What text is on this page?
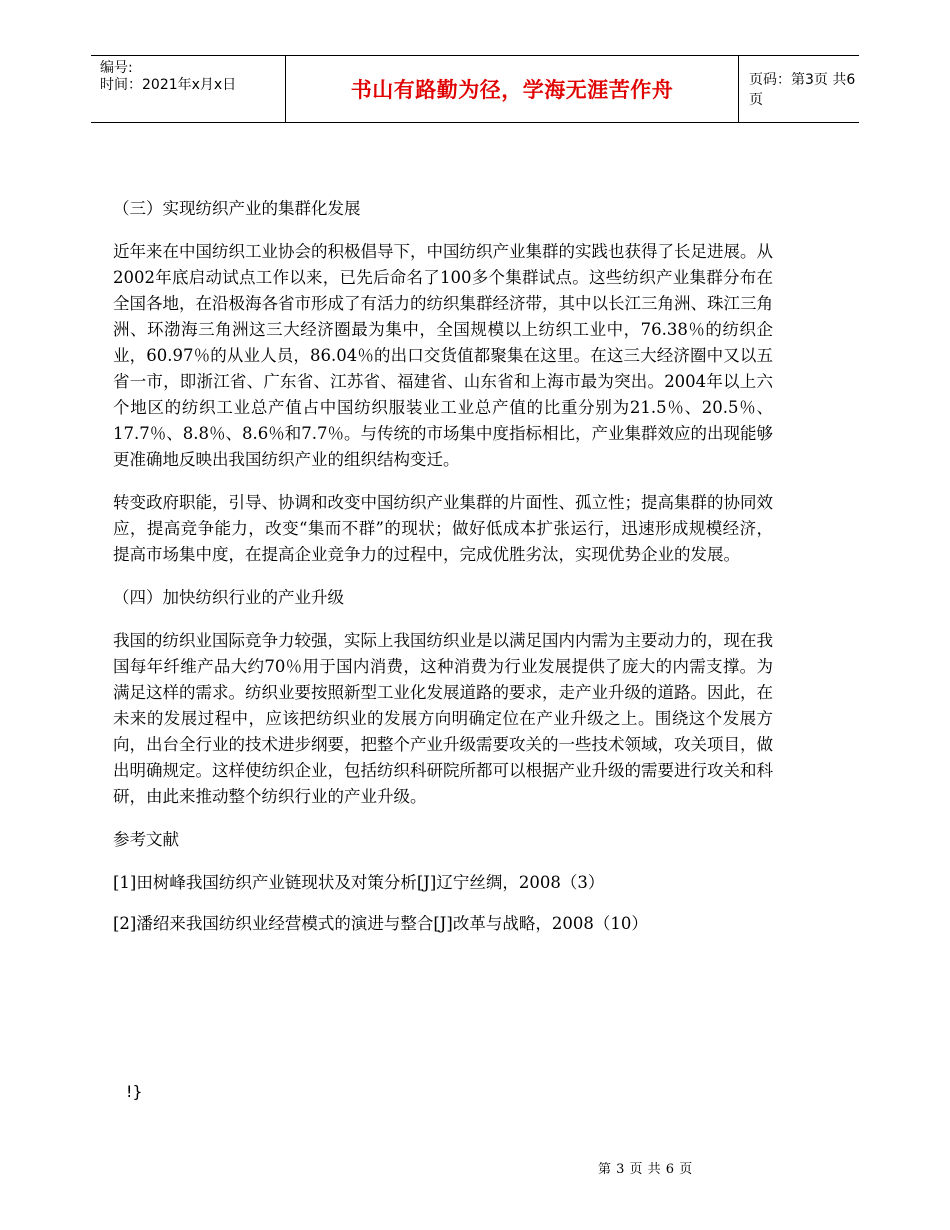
编号:
时间：2021年x月x日	书山有路勤为径，学海无涯苦作舟	页码：第3页 共6页

（三）实现纺织产业的集群化发展

近年来在中国纺织工业协会的积极倡导下，中国纺织产业集群的实践也获得了长足进展。从2002年底启动试点工作以来，已先后命名了100多个集群试点。这些纺织产业集群分布在全国各地，在沿极海各省市形成了有活力的纺织集群经济带，其中以长江三角洲、珠江三角洲、环渤海三角洲这三大经济圈最为集中，全国规模以上纺织工业中，76.38％的纺织企业，60.97％的从业人员，86.04％的出口交货值都聚集在这里。在这三大经济圈中又以五省一市，即浙江省、广东省、江苏省、福建省、山东省和上海市最为突出。2004年以上六个地区的纺织工业总产值占中国纺织服装业工业总产值的比重分别为21.5％、20.5％、17.7％、8.8％、8.6％和7.7％。与传统的市场集中度指标相比，产业集群效应的出现能够更准确地反映出我国纺织产业的组织结构变迁。

转变政府职能，引导、协调和改变中国纺织产业集群的片面性、孤立性；提高集群的协同效应，提高竞争能力，改变“集而不群”的现状；做好低成本扩张运行，迅速形成规模经济，提高市场集中度，在提高企业竞争力的过程中，完成优胜劣汰，实现优势企业的发展。

（四）加快纺织行业的产业升级

我国的纺织业国际竞争力较强，实际上我国纺织业是以满足国内内需为主要动力的，现在我国每年纤维产品大约70％用于国内消费，这种消费为行业发展提供了庞大的内需支撑。为满足这样的需求。纺织业要按照新型工业化发展道路的要求，走产业升级的道路。因此，在未来的发展过程中，应该把纺织业的发展方向明确定位在产业升级之上。围绕这个发展方向，出台全行业的技术进步纲要，把整个产业升级需要攻关的一些技术领域，攻关项目，做出明确规定。这样使纺织企业，包括纺织科研院所都可以根据产业升级的需要进行攻关和科研，由此来推动整个纺织行业的产业升级。

参考文献

[1]田树峰我国纺织产业链现状及对策分析[J]辽宁丝绸，2008（3）

[2]潘绍来我国纺织业经营模式的演进与整合[J]改革与战略，2008（10）

!}
第 3 页 共 6 页
